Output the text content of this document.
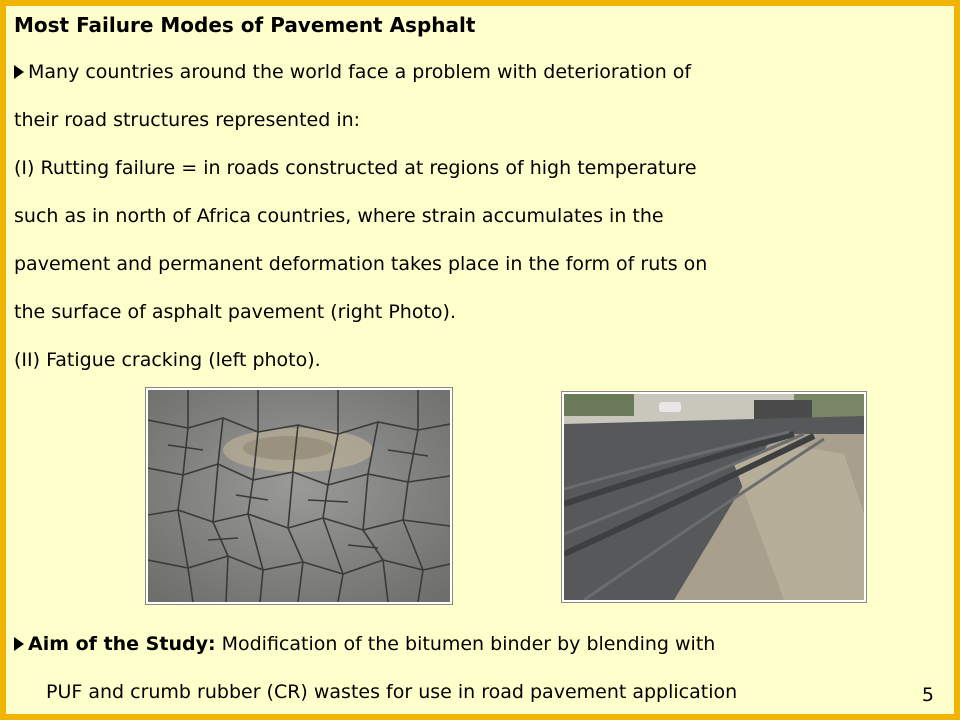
Most Failure Modes of Pavement Asphalt
Many countries around the world face a problem with deterioration of
their road structures represented in:
(I) Rutting failure = in roads constructed at regions of high temperature
such as in north of Africa countries, where strain accumulates in the
pavement and permanent deformation takes place in the form of ruts on
the surface of asphalt pavement (right Photo).
(II) Fatigue cracking (left photo).
Aim of the Study: Modification of the bitumen binder by blending with
PUF and crumb rubber (CR) wastes for use in road pavement application	5
